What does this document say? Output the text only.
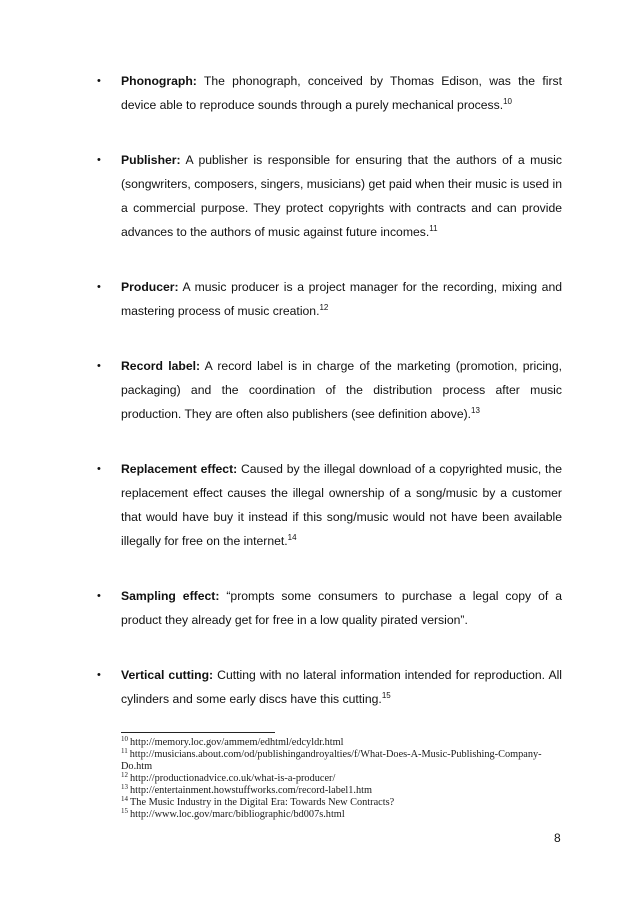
• Phonograph: The phonograph, conceived by Thomas Edison, was the first device able to reproduce sounds through a purely mechanical process.$^{10}$
• Publisher: A publisher is responsible for ensuring that the authors of a music (songwriters, composers, singers, musicians) get paid when their music is used in a commercial purpose. They protect copyrights with contracts and can provide advances to the authors of music against future incomes.$^{11}$
• Producer: A music producer is a project manager for the recording, mixing and mastering process of music creation.$^{12}$
• Record label: A record label is in charge of the marketing (promotion, pricing, packaging) and the coordination of the distribution process after music production. They are often also publishers (see definition above).$^{13}$
• Replacement effect: Caused by the illegal download of a copyrighted music, the replacement effect causes the illegal ownership of a song/music by a customer that would have buy it instead if this song/music would not have been available illegally for free on the internet.$^{14}$
• Sampling effect: “prompts some consumers to purchase a legal copy of a product they already get for free in a low quality pirated version”.
• Vertical cutting: Cutting with no lateral information intended for reproduction. All cylinders and some early discs have this cutting.$^{15}$

$^{10}$ http://memory.loc.gov/ammem/edhtml/edcyldr.html

$^{11}$ http://musicians.about.com/od/publishingandroyalties/f/What-Does-A-Music-Publishing-Company-Do.htm

$^{12}$ http://productionadvice.co.uk/what-is-a-producer/

$^{13}$ http://entertainment.howstuffworks.com/record-label1.htm

$^{14}$ The Music Industry in the Digital Era: Towards New Contracts?

$^{15}$ http://www.loc.gov/marc/bibliographic/bd007s.html

8
